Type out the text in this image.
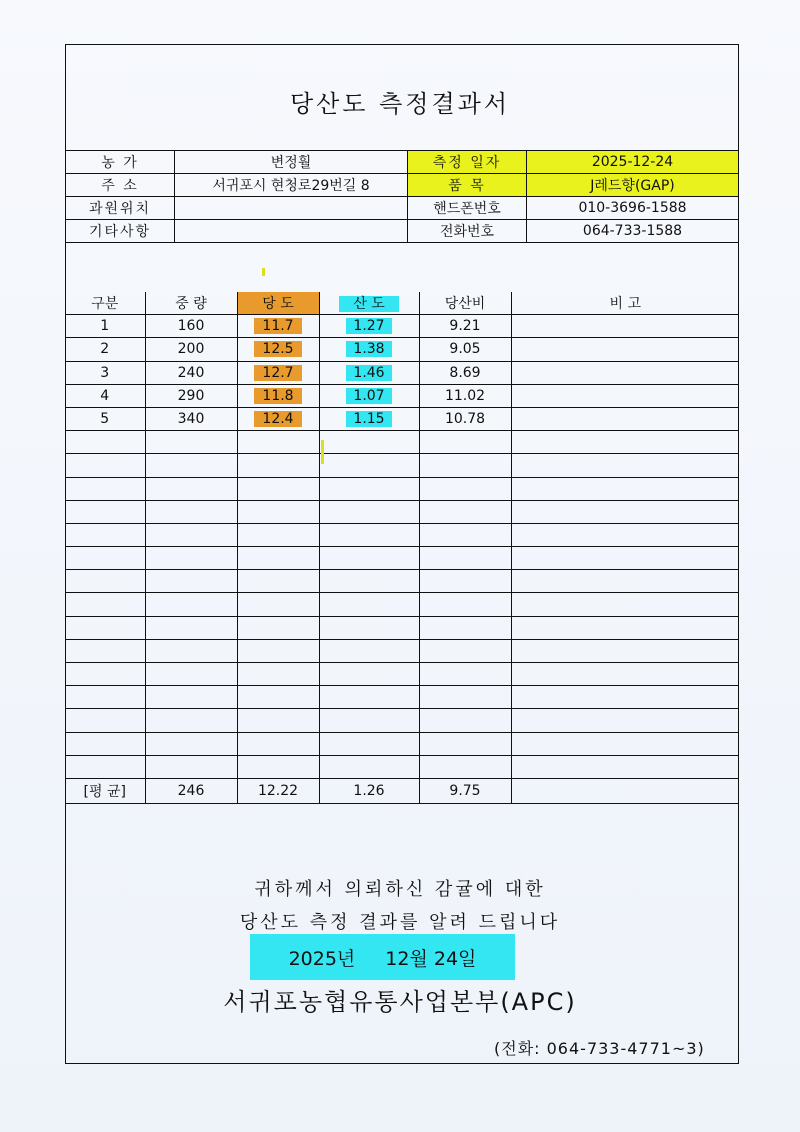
당산도 측정결과서
농 가	변정훨	측정 일자	2025-12-24
주 소	서귀포시 현청로29번길 8	품 목	J레드향(GAP)
과원위치		핸드폰번호	010-3696-1588
기타사항		전화번호	064-733-1588
구분	중 량	당 도	산 도	당산비	비 고
1	160	11.7	1.27	9.21	
2	200	12.5	1.38	9.05	
3	240	12.7	1.46	8.69	
4	290	11.8	1.07	11.02	
5	340	12.4	1.15	10.78	

[평 균]	246	12.22	1.26	9.75	
귀하께서 의뢰하신 감귤에 대한
당산도 측정 결과를 알려 드립니다
2025년 12월 24일
서귀포농협유통사업본부(APC)
(전화: 064-733-4771~3)
